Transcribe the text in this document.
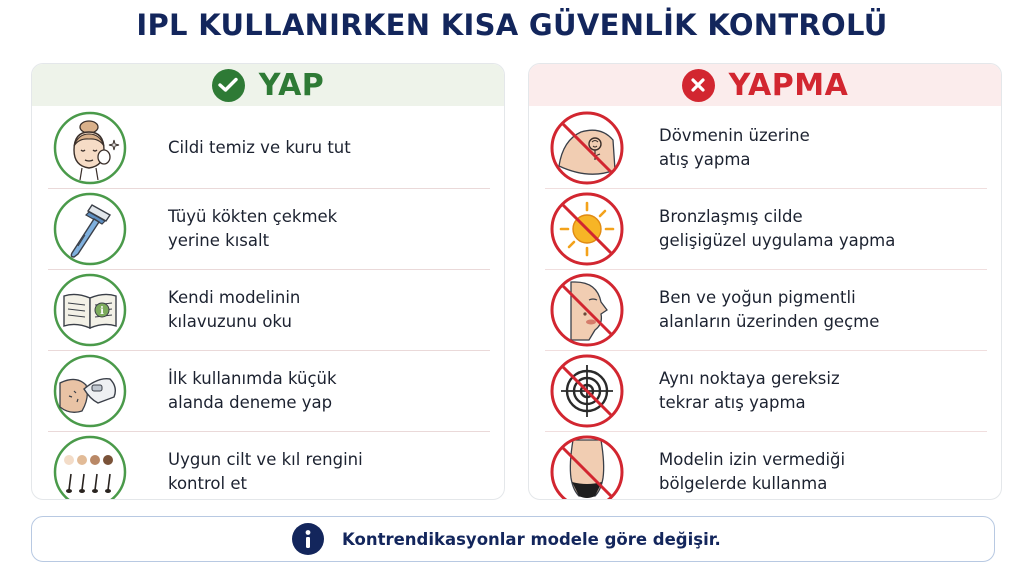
IPL KULLANIRKEN KISA GÜVENLİK KONTROLÜ
YAP
Cildi temiz ve kuru tut
Tüyü kökten çekmek
yerine kısalt
i
Kendi modelinin
kılavuzunu oku
İlk kullanımda küçük
alanda deneme yap
Uygun cilt ve kıl rengini
kontrol et
YAPMA
Dövmenin üzerine
atış yapma
Bronzlaşmış cilde
gelişigüzel uygulama yapma
Ben ve yoğun pigmentli
alanların üzerinden geçme
Aynı noktaya gereksiz
tekrar atış yapma
Modelin izin vermediği
bölgelerde kullanma
Kontrendikasyonlar modele göre değişir.
